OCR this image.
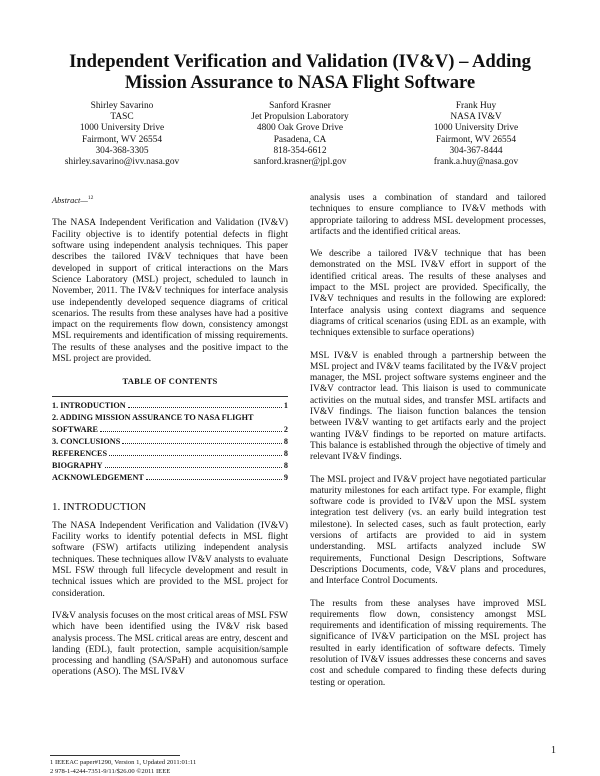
Independent Verification and Validation (IV&V) – Adding Mission Assurance to NASA Flight Software
Shirley Savarino
TASC
1000 University Drive
Fairmont, WV 26554
304-368-3305
shirley.savarino@ivv.nasa.gov
Sanford Krasner
Jet Propulsion Laboratory
4800 Oak Grove Drive
Pasadena, CA
818-354-6612
sanford.krasner@jpl.gov
Frank Huy
NASA IV&V
1000 University Drive
Fairmont, WV 26554
304-367-8444
frank.a.huy@nasa.gov

Abstract—$^{12}$

The NASA Independent Verification and Validation (IV&V) Facility objective is to identify potential defects in flight software using independent analysis techniques. This paper describes the tailored IV&V techniques that have been developed in support of critical interactions on the Mars Science Laboratory (MSL) project, scheduled to launch in November, 2011. The IV&V techniques for interface analysis use independently developed sequence diagrams of critical scenarios. The results from these analyses have had a positive impact on the requirements flow down, consistency amongst MSL requirements and identification of missing requirements. The results of these analyses and the positive impact to the MSL project are provided.

TABLE OF CONTENTS
1. INTRODUCTION	1
2. ADDING MISSION ASSURANCE TO NASA FLIGHT
SOFTWARE	2
3. CONCLUSIONS	8
REFERENCES	8
BIOGRAPHY	8
ACKNOWLEDGEMENT	9
1. INTRODUCTION

The NASA Independent Verification and Validation (IV&V) Facility works to identify potential defects in MSL flight software (FSW) artifacts utilizing independent analysis techniques. These techniques allow IV&V analysts to evaluate MSL FSW through full lifecycle development and result in technical issues which are provided to the MSL project for consideration.

IV&V analysis focuses on the most critical areas of MSL FSW which have been identified using the IV&V risk based analysis process. The MSL critical areas are entry, descent and landing (EDL), fault protection, sample acquisition/sample processing and handling (SA/SPaH) and autonomous surface operations (ASO). The MSL IV&V

analysis uses a combination of standard and tailored techniques to ensure compliance to IV&V methods with appropriate tailoring to address MSL development processes, artifacts and the identified critical areas.

We describe a tailored IV&V technique that has been demonstrated on the MSL IV&V effort in support of the identified critical areas. The results of these analyses and impact to the MSL project are provided. Specifically, the IV&V techniques and results in the following are explored: Interface analysis using context diagrams and sequence diagrams of critical scenarios (using EDL as an example, with techniques extensible to surface operations)

MSL IV&V is enabled through a partnership between the MSL project and IV&V teams facilitated by the IV&V project manager, the MSL project software systems engineer and the IV&V contractor lead. This liaison is used to communicate activities on the mutual sides, and transfer MSL artifacts and IV&V findings. The liaison function balances the tension between IV&V wanting to get artifacts early and the project wanting IV&V findings to be reported on mature artifacts. This balance is established through the objective of timely and relevant IV&V findings.

The MSL project and IV&V project have negotiated particular maturity milestones for each artifact type. For example, flight software code is provided to IV&V upon the MSL system integration test delivery (vs. an early build integration test milestone). In selected cases, such as fault protection, early versions of artifacts are provided to aid in system understanding. MSL artifacts analyzed include SW requirements, Functional Design Descriptions, Software Descriptions Documents, code, V&V plans and procedures, and Interface Control Documents.

The results from these analyses have improved MSL requirements flow down, consistency amongst MSL requirements and identification of missing requirements. The significance of IV&V participation on the MSL project has resulted in early identification of software defects. Timely resolution of IV&V issues addresses these concerns and saves cost and schedule compared to finding these defects during testing or operation.

1 IEEEAC paper#1290, Version 1, Updated 2011:01:11
2 978-1-4244-7351-9/11/$26.00 ©2011 IEEE
1
